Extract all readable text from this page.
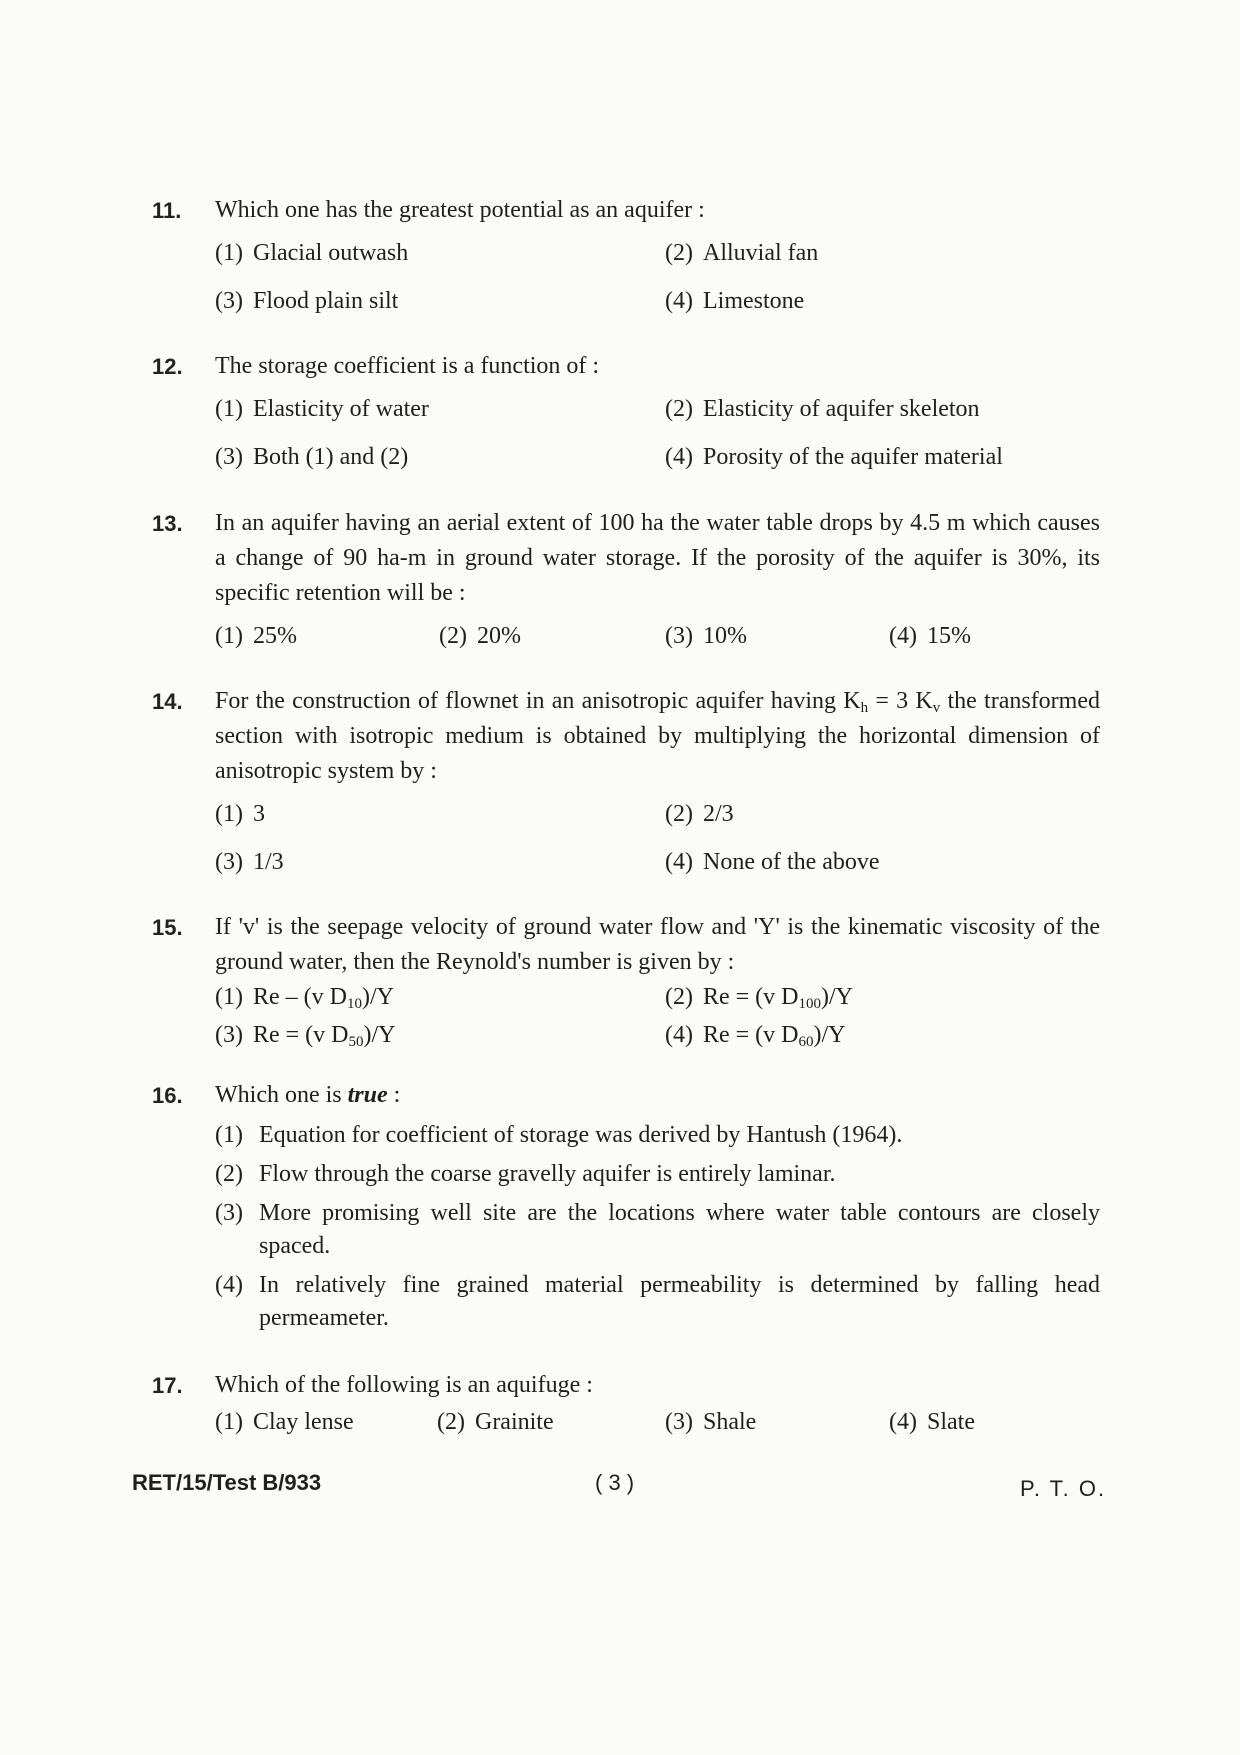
11.	Which one has the greatest potential as an aquifer :
(1) Glacial outwash	(2) Alluvial fan
(3) Flood plain silt	(4) Limestone
12.	The storage coefficient is a function of :
(1) Elasticity of water	(2) Elasticity of aquifer skeleton
(3) Both (1) and (2)	(4) Porosity of the aquifer material
13.	In an aquifer having an aerial extent of 100 ha the water table drops by 4.5 m which causes a change of 90 ha-m in ground water storage. If the porosity of the aquifer is 30%, its specific retention will be :
(1) 25%	(2) 20%	(3) 10%	(4) 15%
14.	For the construction of flownet in an anisotropic aquifer having $K_h = 3$ $K_v$ the transformed section with isotropic medium is obtained by multiplying the horizontal dimension of anisotropic system by :
(1) 3	(2) 2/3
(3) 1/3	(4) None of the above
15.	If 'v' is the seepage velocity of ground water flow and 'Y' is the kinematic viscosity of the ground water, then the Reynold's number is given by :
(1) Re – (v $D_{10})/Y$	(2) Re = (v $D_{100})/Y$
(3) Re = (v $D_{50})/Y$	(4) Re = (v $D_{60})/Y$
16.	Which one is true :
(1) Equation for coefficient of storage was derived by Hantush (1964).
(2) Flow through the coarse gravelly aquifer is entirely laminar.
(3) More promising well site are the locations where water table contours are closely spaced.
(4) In relatively fine grained material permeability is determined by falling head permeameter.
17.	Which of the following is an aquifuge :
(1) Clay lense	(2) Grainite	(3) Shale	(4) Slate
RET/15/Test B/933	( 3 )	P. T. O.
